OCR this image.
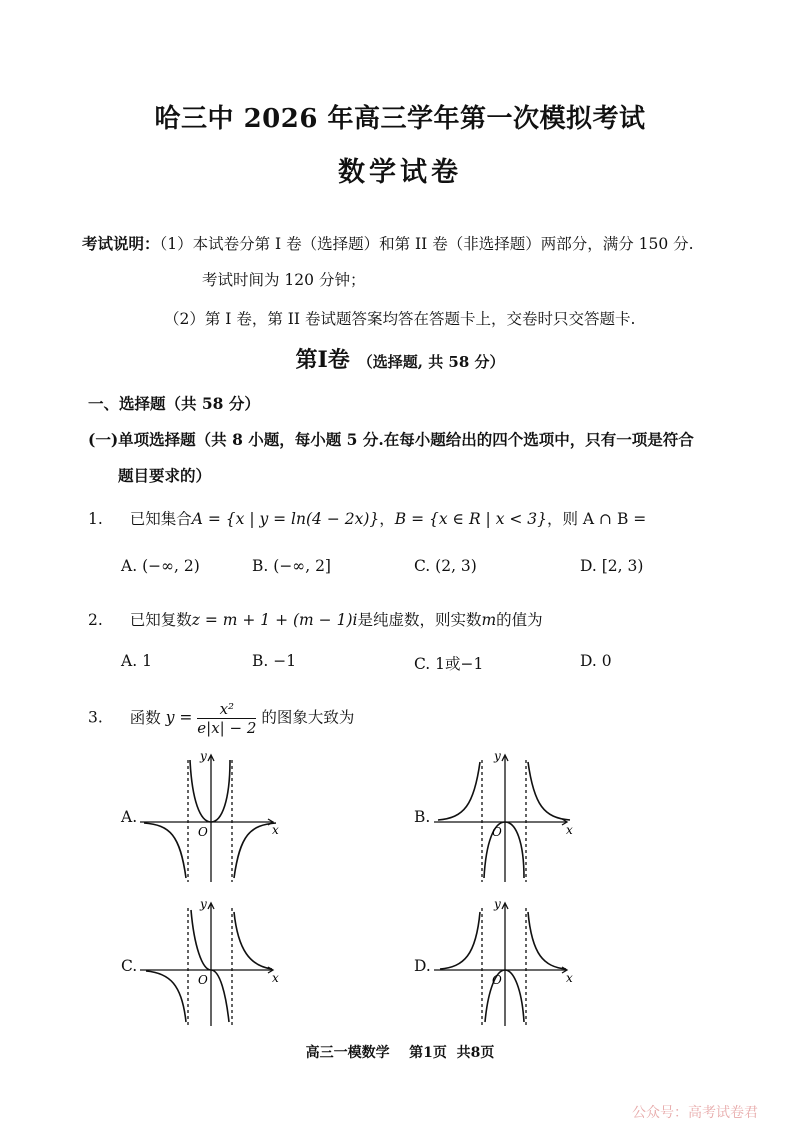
哈三中 2026 年高三学年第一次模拟考试
数学试卷
考试说明：（1）本试卷分第 I 卷（选择题）和第 II 卷（非选择题）两部分，满分 150 分.
考试时间为 120 分钟；
（2）第 I 卷，第 II 卷试题答案均答在答题卡上，交卷时只交答题卡.
第I卷 （选择题, 共 58 分）
一、选择题（共 58 分）
(一)单项选择题（共 8 小题，每小题 5 分.在每小题给出的四个选项中，只有一项是符合
题目要求的）
1. 已知集合A = {x | y = ln(4 − 2x)}，B = {x ∈ R | x < 3}，则 A ∩ B =
A. (−∞, 2)	B. (−∞, 2]	C. (2, 3)	D. [2, 3)
2. 已知复数z = m + 1 + (m − 1)i是纯虚数，则实数m的值为
A. 1	B. −1	C. 1或−1	D. 0
3. 函数 $y = \frac{\text{x²}}{e|x| - 2}$ 的图象大致为
A.	B.
C.	D.
O	x
y
O	x
y
O	x
y
O	x
y
高三一模数学    第1页  共8页
公众号：高考试卷君
